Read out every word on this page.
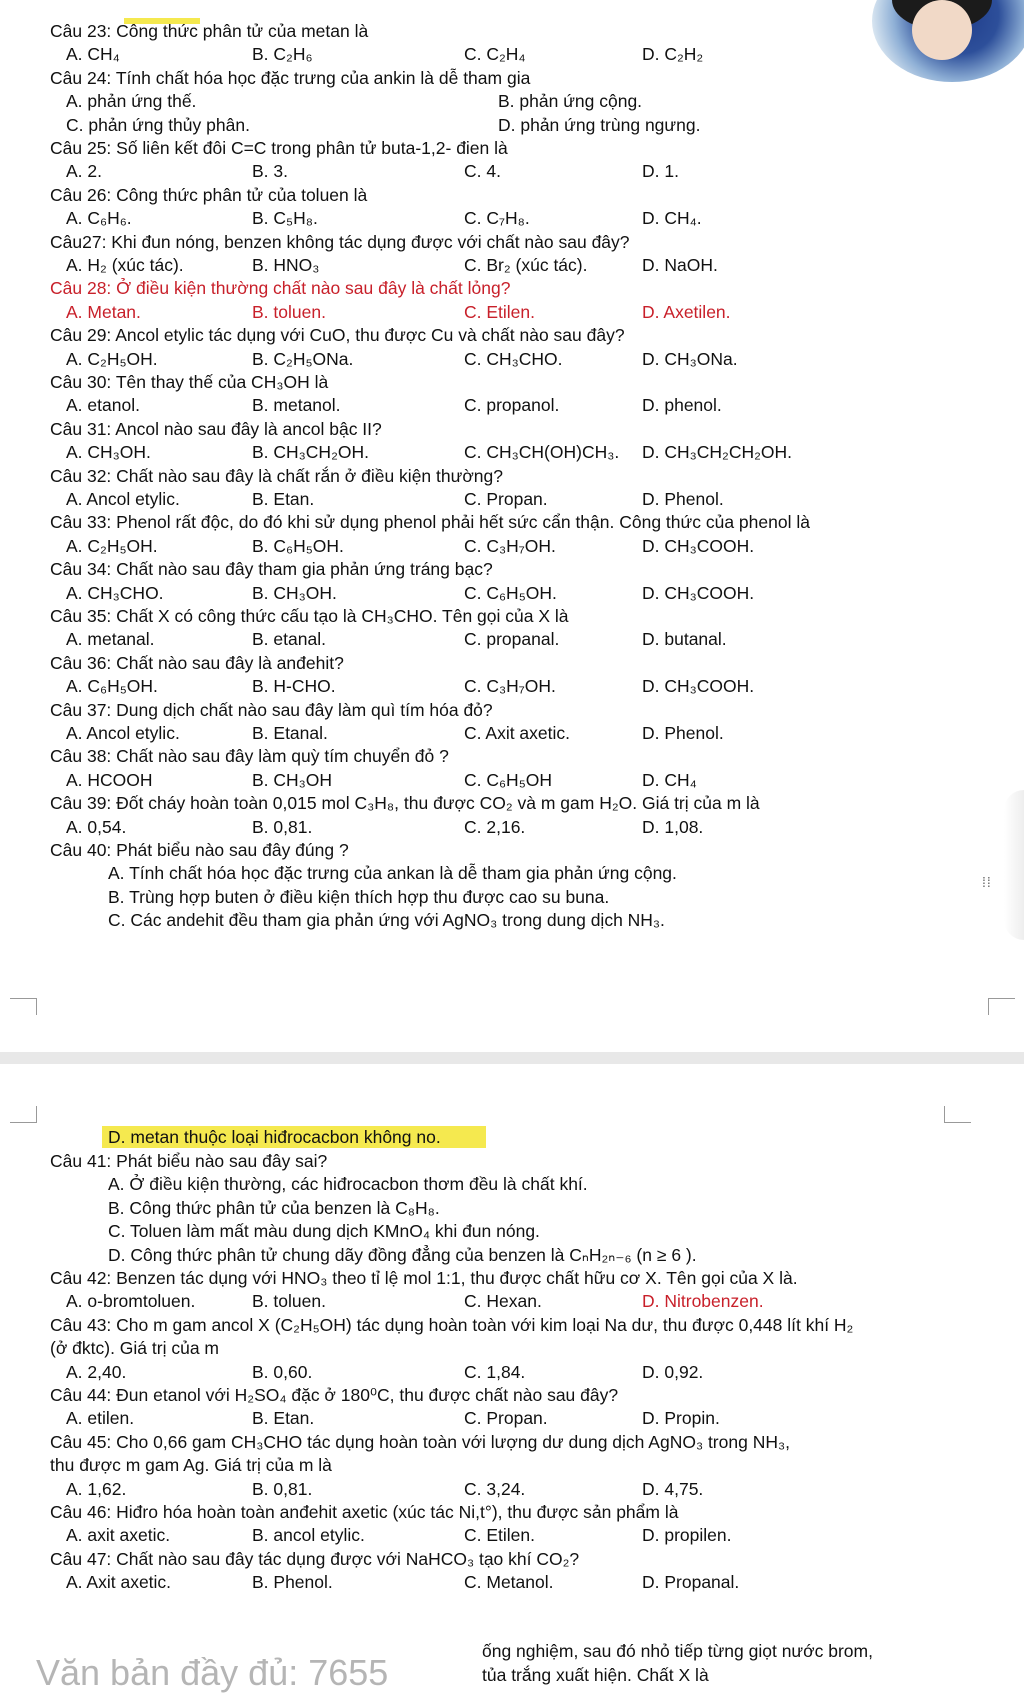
Câu 23: Công thức phân tử của metan là
A. CH₄	B. C₂H₆	C. C₂H₄	D. C₂H₂
Câu 24: Tính chất hóa học đặc trưng của ankin là dễ tham gia
A. phản ứng thế.	B. phản ứng cộng.
C. phản ứng thủy phân.	D. phản ứng trùng ngưng.
Câu 25: Số liên kết đôi C=C trong phân tử buta-1,2- đien là
A. 2.	B. 3.	C. 4.	D. 1.
Câu 26: Công thức phân tử của toluen là
A. C₆H₆.	B. C₅H₈.	C. C₇H₈.	D. CH₄.
Câu27: Khi đun nóng, benzen không tác dụng được với chất nào sau đây?
A. H₂ (xúc tác).	B. HNO₃	C. Br₂ (xúc tác).	D. NaOH.
Câu 28: Ở điều kiện thường chất nào sau đây là chất lỏng?
A. Metan.	B. toluen.	C. Etilen.	D. Axetilen.
Câu 29: Ancol etylic tác dụng với CuO, thu được Cu và chất nào sau đây?
A. C₂H₅OH.	B. C₂H₅ONa.	C. CH₃CHO.	D. CH₃ONa.
Câu 30: Tên thay thế của CH₃OH là
A. etanol.	B. metanol.	C. propanol.	D. phenol.
Câu 31: Ancol nào sau đây là ancol bậc II?
A. CH₃OH.	B. CH₃CH₂OH.	C. CH₃CH(OH)CH₃. D. CH₃CH₂CH₂OH.
Câu 32: Chất nào sau đây là chất rắn ở điều kiện thường?
A. Ancol etylic.	B. Etan.	C. Propan.	D. Phenol.
Câu 33: Phenol rất độc, do đó khi sử dụng phenol phải hết sức cẩn thận. Công thức của phenol là
A. C₂H₅OH.	B. C₆H₅OH.	C. C₃H₇OH.	D. CH₃COOH.
Câu 34: Chất nào sau đây tham gia phản ứng tráng bạc?
A. CH₃CHO.	B. CH₃OH.	C. C₆H₅OH.	D. CH₃COOH.
Câu 35: Chất X có công thức cấu tạo là CH₃CHO. Tên gọi của X là
A. metanal.	B. etanal.	C. propanal.	D. butanal.
Câu 36: Chất nào sau đây là anđehit?
A. C₆H₅OH.	B. H-CHO.	C. C₃H₇OH.	D. CH₃COOH.
Câu 37: Dung dịch chất nào sau đây làm quì tím hóa đỏ?
A. Ancol etylic.	B. Etanal.	C. Axit axetic.	D. Phenol.
Câu 38: Chất nào sau đây làm quỳ tím chuyển đỏ ?
A. HCOOH	B. CH₃OH	C. C₆H₅OH	D. CH₄
Câu 39: Đốt cháy hoàn toàn 0,015 mol C₃H₈, thu được CO₂ và m gam H₂O. Giá trị của m là
A. 0,54.	B. 0,81.	C. 2,16.	D. 1,08.
Câu 40: Phát biểu nào sau đây đúng ?
A. Tính chất hóa học đặc trưng của ankan là dễ tham gia phản ứng cộng.
B. Trùng hợp buten ở điều kiện thích hợp thu được cao su buna.
C. Các andehit đều tham gia phản ứng với AgNO₃ trong dung dịch NH₃.
D. metan thuộc loại hiđrocacbon không no.
Câu 41: Phát biểu nào sau đây sai?
A. Ở điều kiện thường, các hiđrocacbon thơm đều là chất khí.
B. Công thức phân tử của benzen là C₈H₈.
C. Toluen làm mất màu dung dịch KMnO₄ khi đun nóng.
D. Công thức phân tử chung dãy đồng đẳng của benzen là CₙH₂ₙ₋₆ (n ≥ 6 ).
Câu 42: Benzen tác dụng với HNO₃ theo tỉ lệ mol 1:1, thu được chất hữu cơ X. Tên gọi của X là.
A. o-bromtoluen.	B. toluen.	C. Hexan.	D. Nitrobenzen.
Câu 43: Cho m gam ancol X (C₂H₅OH) tác dụng hoàn toàn với kim loại Na dư, thu được 0,448 lít khí H₂
(ở đktc). Giá trị của m
A. 2,40.	B. 0,60.	C. 1,84.	D. 0,92.
Câu 44: Đun etanol với H₂SO₄ đặc ở 180⁰C, thu được chất nào sau đây?
A. etilen.	B. Etan.	C. Propan.	D. Propin.
Câu 45: Cho 0,66 gam CH₃CHO tác dụng hoàn toàn với lượng dư dung dịch AgNO₃ trong NH₃,
thu được m gam Ag. Giá trị của m là
A. 1,62.	B. 0,81.	C. 3,24.	D. 4,75.
Câu 46: Hiđro hóa hoàn toàn anđehit axetic (xúc tác Ni,t°), thu được sản phẩm là
A. axit axetic.	B. ancol etylic.	C. Etilen.	D. propilen.
Câu 47: Chất nào sau đây tác dụng được với NaHCO₃ tạo khí CO₂?
A. Axit axetic.	B. Phenol.	C. Metanol.	D. Propanal.
⁞⁞
Văn bản đầy đủ: 7655
ống nghiệm, sau đó nhỏ tiếp từng giọt nước brom,
tủa trắng xuất hiện. Chất X là
